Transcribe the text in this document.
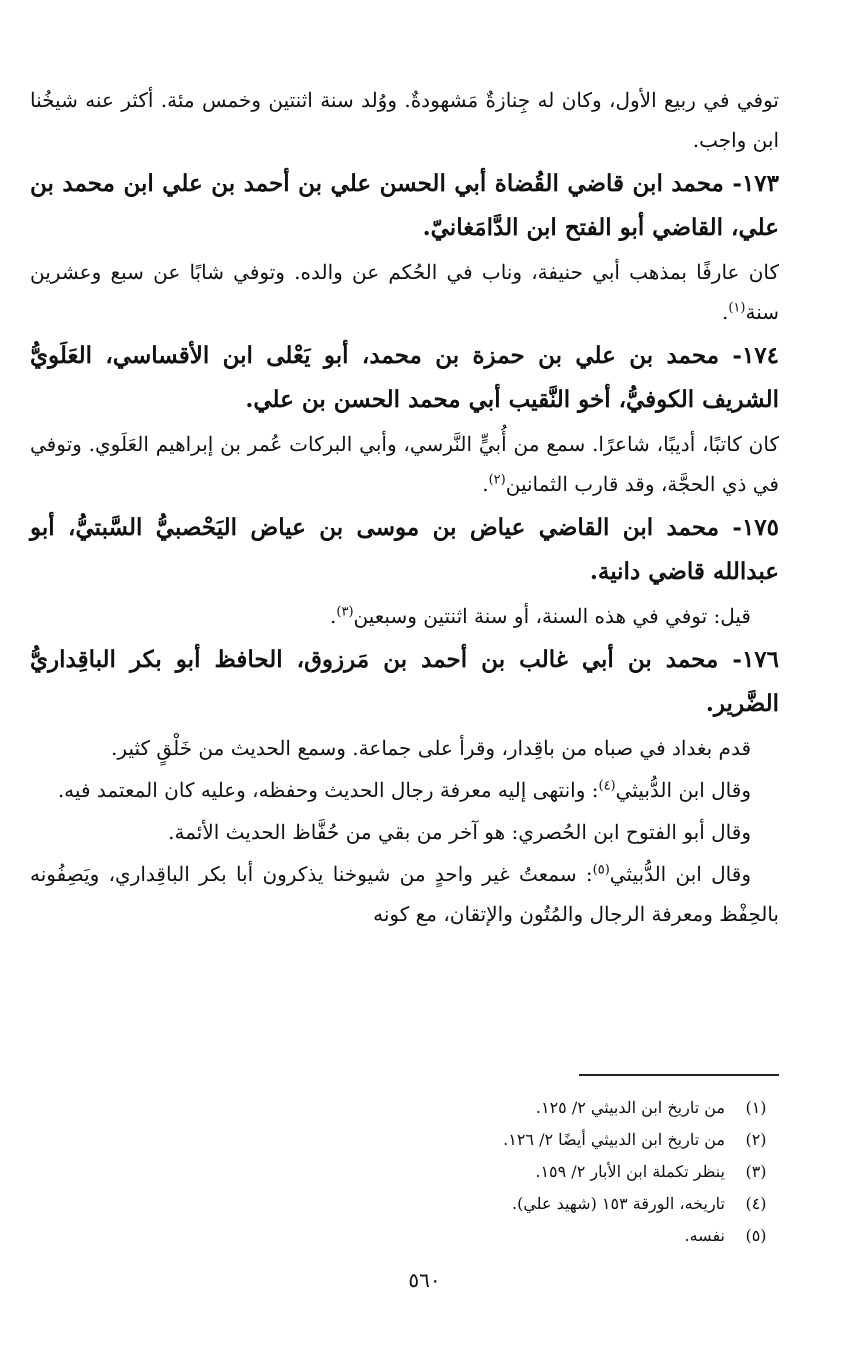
توفي في ربيع الأول، وكان له جِنازةٌ مَشهودةٌ. ووُلد سنة اثنتين وخمس مئة. أكثر عنه شيخُنا ابن واجب.

١٧٣- محمد ابن قاضي القُضاة أبي الحسن علي بن أحمد بن علي ابن محمد بن علي، القاضي أبو الفتح ابن الدَّامَغانيّ.

كان عارفًا بمذهب أبي حنيفة، وناب في الحُكم عن والده. وتوفي شابًا عن سبع وعشرين سنة$^{(١)}$.

١٧٤- محمد بن علي بن حمزة بن محمد، أبو يَعْلى ابن الأقساسي، العَلَويُّ الشريف الكوفيُّ، أخو النَّقيب أبي محمد الحسن بن علي.

كان كاتبًا، أديبًا، شاعرًا. سمع من أُبيٍّ النَّرسي، وأبي البركات عُمر بن إبراهيم العَلَوي. وتوفي في ذي الحجَّة، وقد قارب الثمانين$^{(٢)}$.

١٧٥- محمد ابن القاضي عياض بن موسى بن عياض اليَحْصبيُّ السَّبتيُّ، أبو عبدالله قاضي دانية.

قيل: توفي في هذه السنة، أو سنة اثنتين وسبعين$^{(٣)}$.

١٧٦- محمد بن أبي غالب بن أحمد بن مَرزوق، الحافظ أبو بكر الباقِداريُّ الضَّرير.

قدم بغداد في صباه من باقِدار، وقرأ على جماعة. وسمع الحديث من خَلْقٍ كثير.

وقال ابن الدُّبيثي$^{(٤)}$: وانتهى إليه معرفة رجال الحديث وحفظه، وعليه كان المعتمد فيه.

وقال أبو الفتوح ابن الحُصري: هو آخر من بقي من حُفَّاظ الحديث الأئمة.

وقال ابن الدُّبيثي$^{(٥)}$: سمعتُ غير واحدٍ من شيوخنا يذكرون أبا بكر الباقِداري، ويَصِفُونه بالحِفْظ ومعرفة الرجال والمُتُون والإتقان، مع كونه

(١)
من تاريخ ابن الدبيثي ٢/ ١٢٥.
(٢)
من تاريخ ابن الدبيثي أيضًا ٢/ ١٢٦.
(٣)
ينظر تكملة ابن الأبار ٢/ ١٥٩.
(٤)
تاريخه، الورقة ١٥٣ (شهيد علي).
(٥)
نفسه.
٥٦٠
